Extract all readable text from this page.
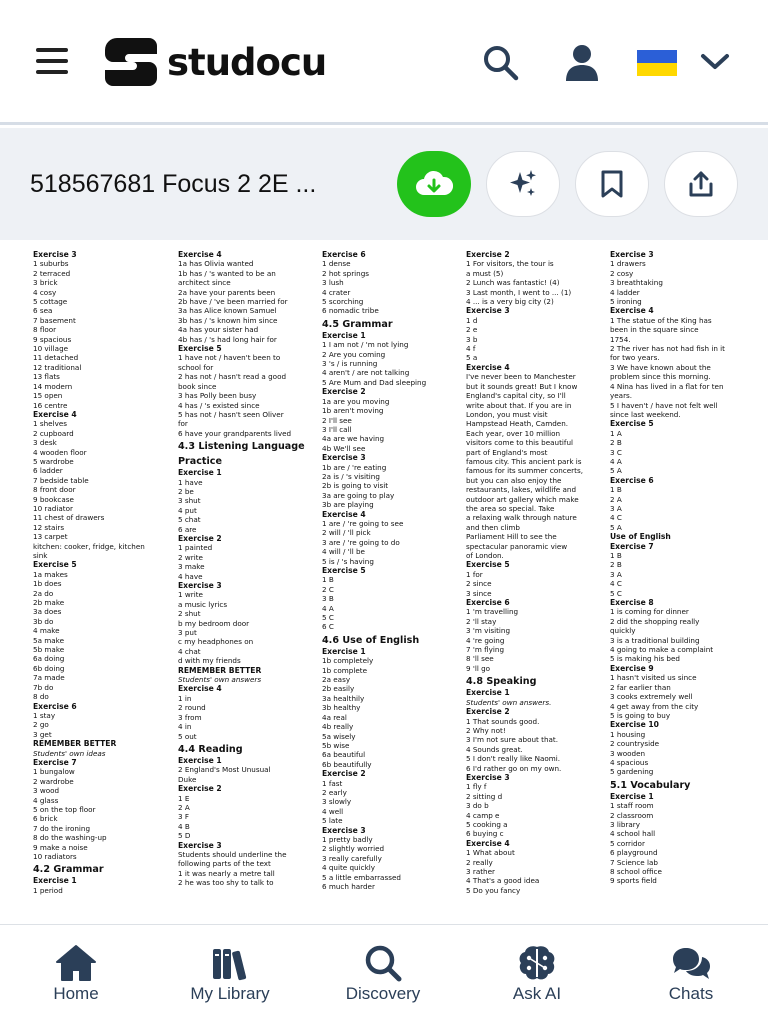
studocu
518567681 Focus 2 2E ...
Exercise 3
1 suburbs
2 terraced
3 brick
4 cosy
5 cottage
6 sea
7 basement
8 floor
9 spacious
10 village
11 detached
12 traditional
13 flats
14 modern
15 open
16 centre
Exercise 4
1 shelves
2 cupboard
3 desk
4 wooden floor
5 wardrobe
6 ladder
7 bedside table
8 front door
9 bookcase
10 radiator
11 chest of drawers
12 stairs
13 carpet
kitchen: cooker, fridge, kitchen
sink
Exercise 5
1a makes
1b does
2a do
2b make
3a does
3b do
4 make
5a make
5b make
6a doing
6b doing
7a made
7b do
8 do
Exercise 6
1 stay
2 go
3 get
REMEMBER BETTER
Students' own ideas
Exercise 7
1 bungalow
2 wardrobe
3 wood
4 glass
5 on the top floor
6 brick
7 do the ironing
8 do the washing-up
9 make a noise
10 radiators
4.2 Grammar
Exercise 1
1 period
Exercise 4
1a has Olivia wanted
1b has / 's wanted to be an
architect since
2a have your parents been
2b have / 've been married for
3a has Alice known Samuel
3b has / 's known him since
4a has your sister had
4b has / 's had long hair for
Exercise 5
1 have not / haven't been to
school for
2 has not / hasn't read a good
book since
3 has Polly been busy
4 has / 's existed since
5 has not / hasn't seen Oliver
for
6 have your grandparents lived
4.3 Listening Language
Practice
Exercise 1
1 have
2 be
3 shut
4 put
5 chat
6 are
Exercise 2
1 painted
2 write
3 make
4 have
Exercise 3
1 write
a music lyrics
2 shut
b my bedroom door
3 put
c my headphones on
4 chat
d with my friends
REMEMBER BETTER
Students' own answers
Exercise 4
1 in
2 round
3 from
4 in
5 out
4.4 Reading
Exercise 1
2 England's Most Unusual
Duke
Exercise 2
1 E
2 A
3 F
4 B
5 D
Exercise 3
Students should underline the
following parts of the text
1 it was nearly a metre tall
2 he was too shy to talk to
Exercise 6
1 dense
2 hot springs
3 lush
4 crater
5 scorching
6 nomadic tribe
4.5 Grammar
Exercise 1
1 I am not / 'm not lying
2 Are you coming
3 's / is running
4 aren't / are not talking
5 Are Mum and Dad sleeping
Exercise 2
1a are you moving
1b aren't moving
2 I'll see
3 I'll call
4a are we having
4b We'll see
Exercise 3
1b are / 're eating
2a is / 's visiting
2b is going to visit
3a are going to play
3b are playing
Exercise 4
1 are / 're going to see
2 will / 'll pick
3 are / 're going to do
4 will / 'll be
5 is / 's having
Exercise 5
1 B
2 C
3 B
4 A
5 C
6 C
4.6 Use of English
Exercise 1
1b completely
1b complete
2a easy
2b easily
3a healthily
3b healthy
4a real
4b really
5a wisely
5b wise
6a beautiful
6b beautifully
Exercise 2
1 fast
2 early
3 slowly
4 well
5 late
Exercise 3
1 pretty badly
2 slightly worried
3 really carefully
4 quite quickly
5 a little embarrassed
6 much harder
Exercise 2
1 For visitors, the tour is
a must (5)
2 Lunch was fantastic! (4)
3 Last month, I went to ... (1)
4 ... is a very big city (2)
Exercise 3
1 d
2 e
3 b
4 f
5 a
Exercise 4
I've never been to Manchester
but it sounds great! But I know
England's capital city, so I'll
write about that. If you are in
London, you must visit
Hampstead Heath, Camden.
Each year, over 10 million
visitors come to this beautiful
part of England's most
famous city. This ancient park is
famous for its summer concerts,
but you can also enjoy the
restaurants, lakes, wildlife and
outdoor art gallery which make
the area so special. Take
a relaxing walk through nature
and then climb
Parliament Hill to see the
spectacular panoramic view
of London.
Exercise 5
1 for
2 since
3 since
Exercise 6
1 'm travelling
2 'll stay
3 'm visiting
4 're going
7 'm flying
8 'll see
9 'll go
4.8 Speaking
Exercise 1
Students' own answers.
Exercise 2
1 That sounds good.
2 Why not!
3 I'm not sure about that.
4 Sounds great.
5 I don't really like Naomi.
6 I'd rather go on my own.
Exercise 3
1 fly f
2 sitting d
3 do b
4 camp e
5 cooking a
6 buying c
Exercise 4
1 What about
2 really
3 rather
4 That's a good idea
5 Do you fancy
Exercise 3
1 drawers
2 cosy
3 breathtaking
4 ladder
5 ironing
Exercise 4
1 The statue of the King has
been in the square since
1754.
2 The river has not had fish in it
for two years.
3 We have known about the
problem since this morning.
4 Nina has lived in a flat for ten
years.
5 I haven't / have not felt well
since last weekend.
Exercise 5
1 A
2 B
3 C
4 A
5 A
Exercise 6
1 B
2 A
3 A
4 C
5 A
Use of English
Exercise 7
1 B
2 B
3 A
4 C
5 C
Exercise 8
1 is coming for dinner
2 did the shopping really
quickly
3 is a traditional building
4 going to make a complaint
5 is making his bed
Exercise 9
1 hasn't visited us since
2 far earlier than
3 cooks extremely well
4 get away from the city
5 is going to buy
Exercise 10
1 housing
2 countryside
3 wooden
4 spacious
5 gardening
5.1 Vocabulary
Exercise 1
1 staff room
2 classroom
3 library
4 school hall
5 corridor
6 playground
7 Science lab
8 school office
9 sports field
Home	My Library	Discovery	Ask AI	Chats
